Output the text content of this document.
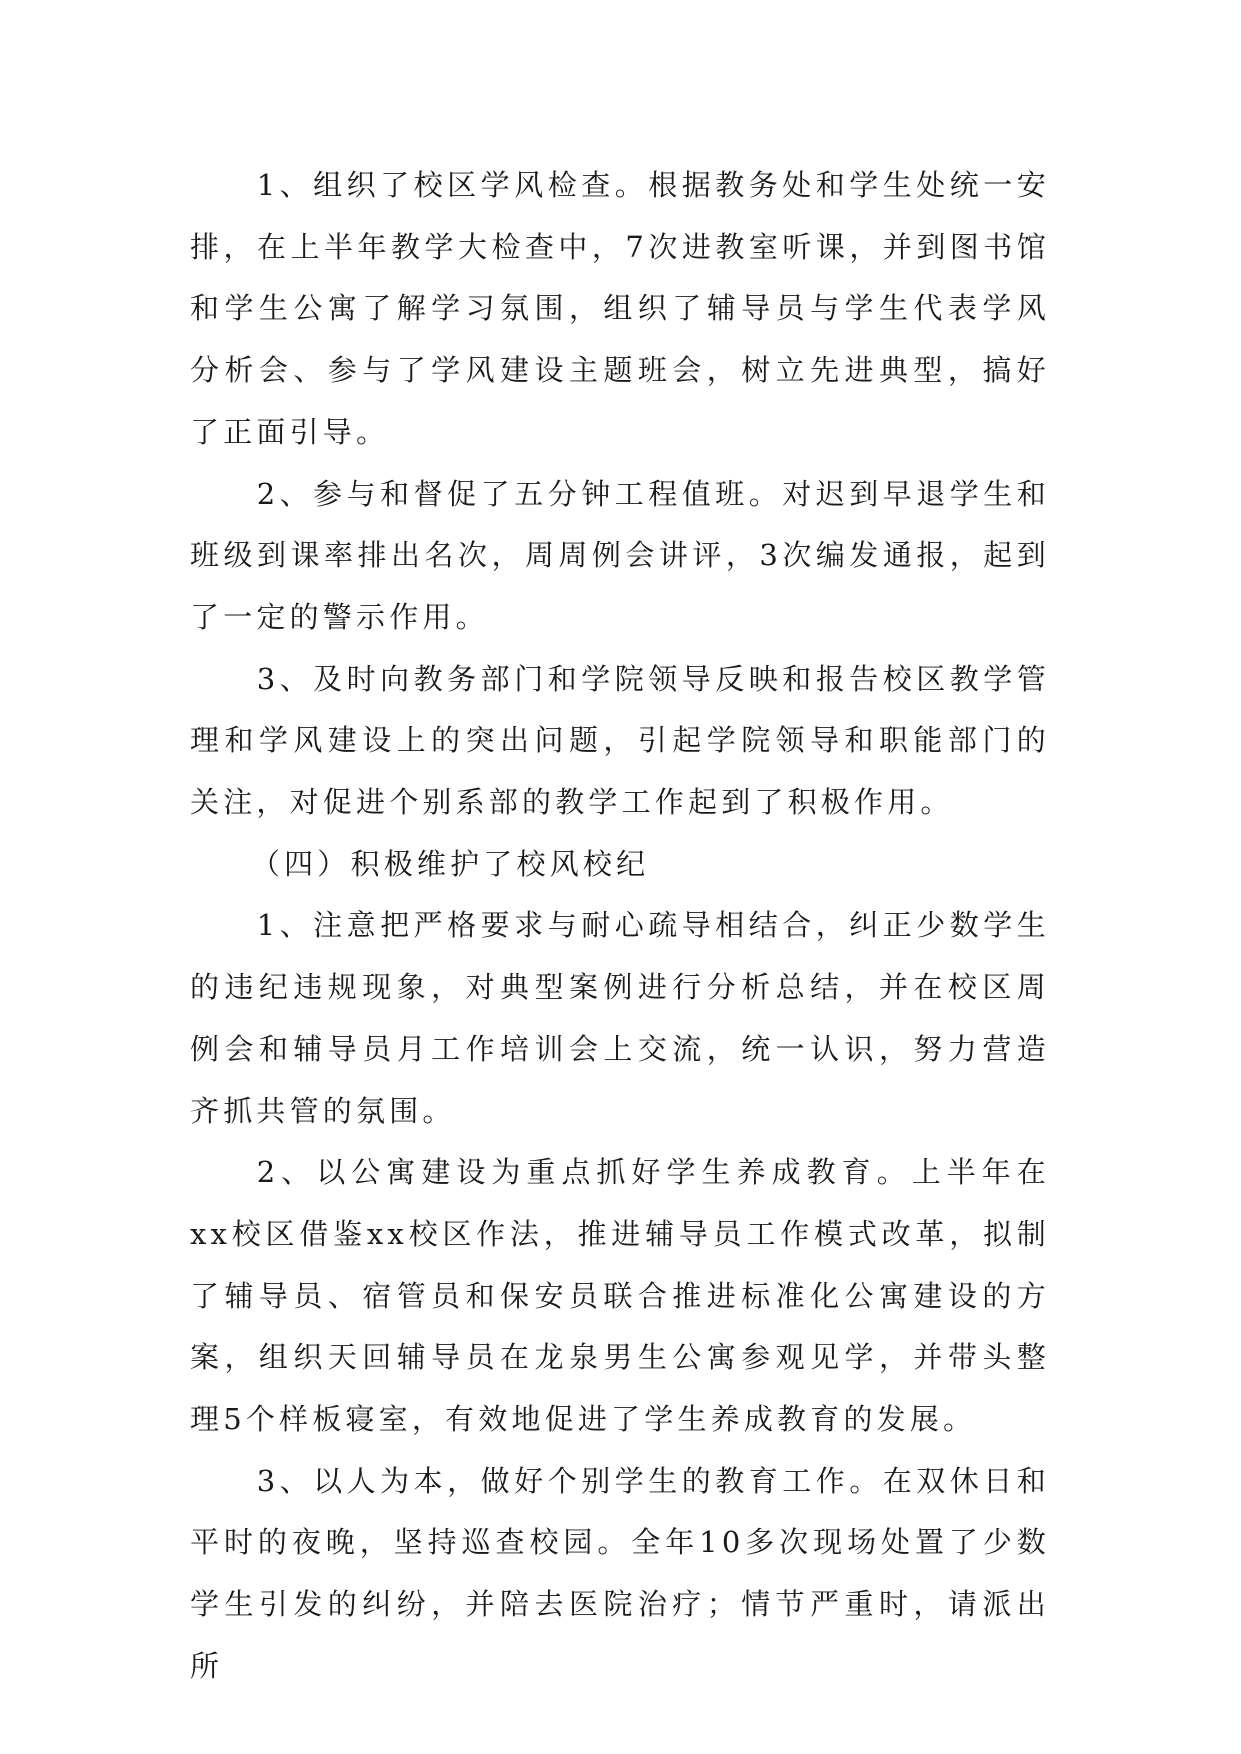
1、组织了校区学风检查。根据教务处和学生处统一安排，在上半年教学大检查中，7次进教室听课，并到图书馆和学生公寓了解学习氛围，组织了辅导员与学生代表学风分析会、参与了学风建设主题班会，树立先进典型，搞好了正面引导。

2、参与和督促了五分钟工程值班。对迟到早退学生和班级到课率排出名次，周周例会讲评，3次编发通报，起到了一定的警示作用。

3、及时向教务部门和学院领导反映和报告校区教学管理和学风建设上的突出问题，引起学院领导和职能部门的关注，对促进个别系部的教学工作起到了积极作用。

（四）积极维护了校风校纪

1、注意把严格要求与耐心疏导相结合，纠正少数学生的违纪违规现象，对典型案例进行分析总结，并在校区周例会和辅导员月工作培训会上交流，统一认识，努力营造齐抓共管的氛围。

2、以公寓建设为重点抓好学生养成教育。上半年在xx校区借鉴xx校区作法，推进辅导员工作模式改革，拟制了辅导员、宿管员和保安员联合推进标准化公寓建设的方案，组织天回辅导员在龙泉男生公寓参观见学，并带头整理5个样板寝室，有效地促进了学生养成教育的发展。

3、以人为本，做好个别学生的教育工作。在双休日和平时的夜晚，坚持巡查校园。全年10多次现场处置了少数学生引发的纠纷，并陪去医院治疗；情节严重时，请派出所
